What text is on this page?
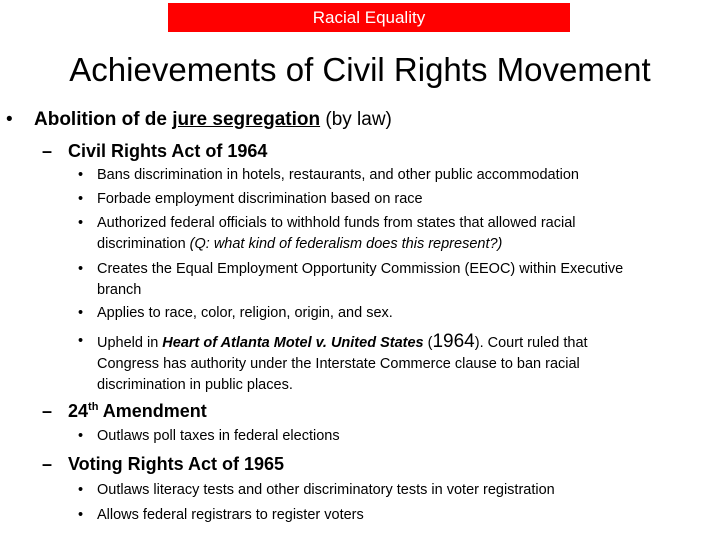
Racial Equality
Achievements of Civil Rights Movement
• Abolition of de jure segregation (by law)
– Civil Rights Act of 1964
• Bans discrimination in hotels, restaurants, and other public accommodation
• Forbade employment discrimination based on race
• Authorized federal officials to withhold funds from states that allowed racial
discrimination (Q: what kind of federalism does this represent?)
• Creates the Equal Employment Opportunity Commission (EEOC) within Executive
branch
• Applies to race, color, religion, origin, and sex.
• Upheld in Heart of Atlanta Motel v. United States (1964). Court ruled that
Congress has authority under the Interstate Commerce clause to ban racial
discrimination in public places.
– 24th Amendment
• Outlaws poll taxes in federal elections
– Voting Rights Act of 1965
• Outlaws literacy tests and other discriminatory tests in voter registration
• Allows federal registrars to register voters
